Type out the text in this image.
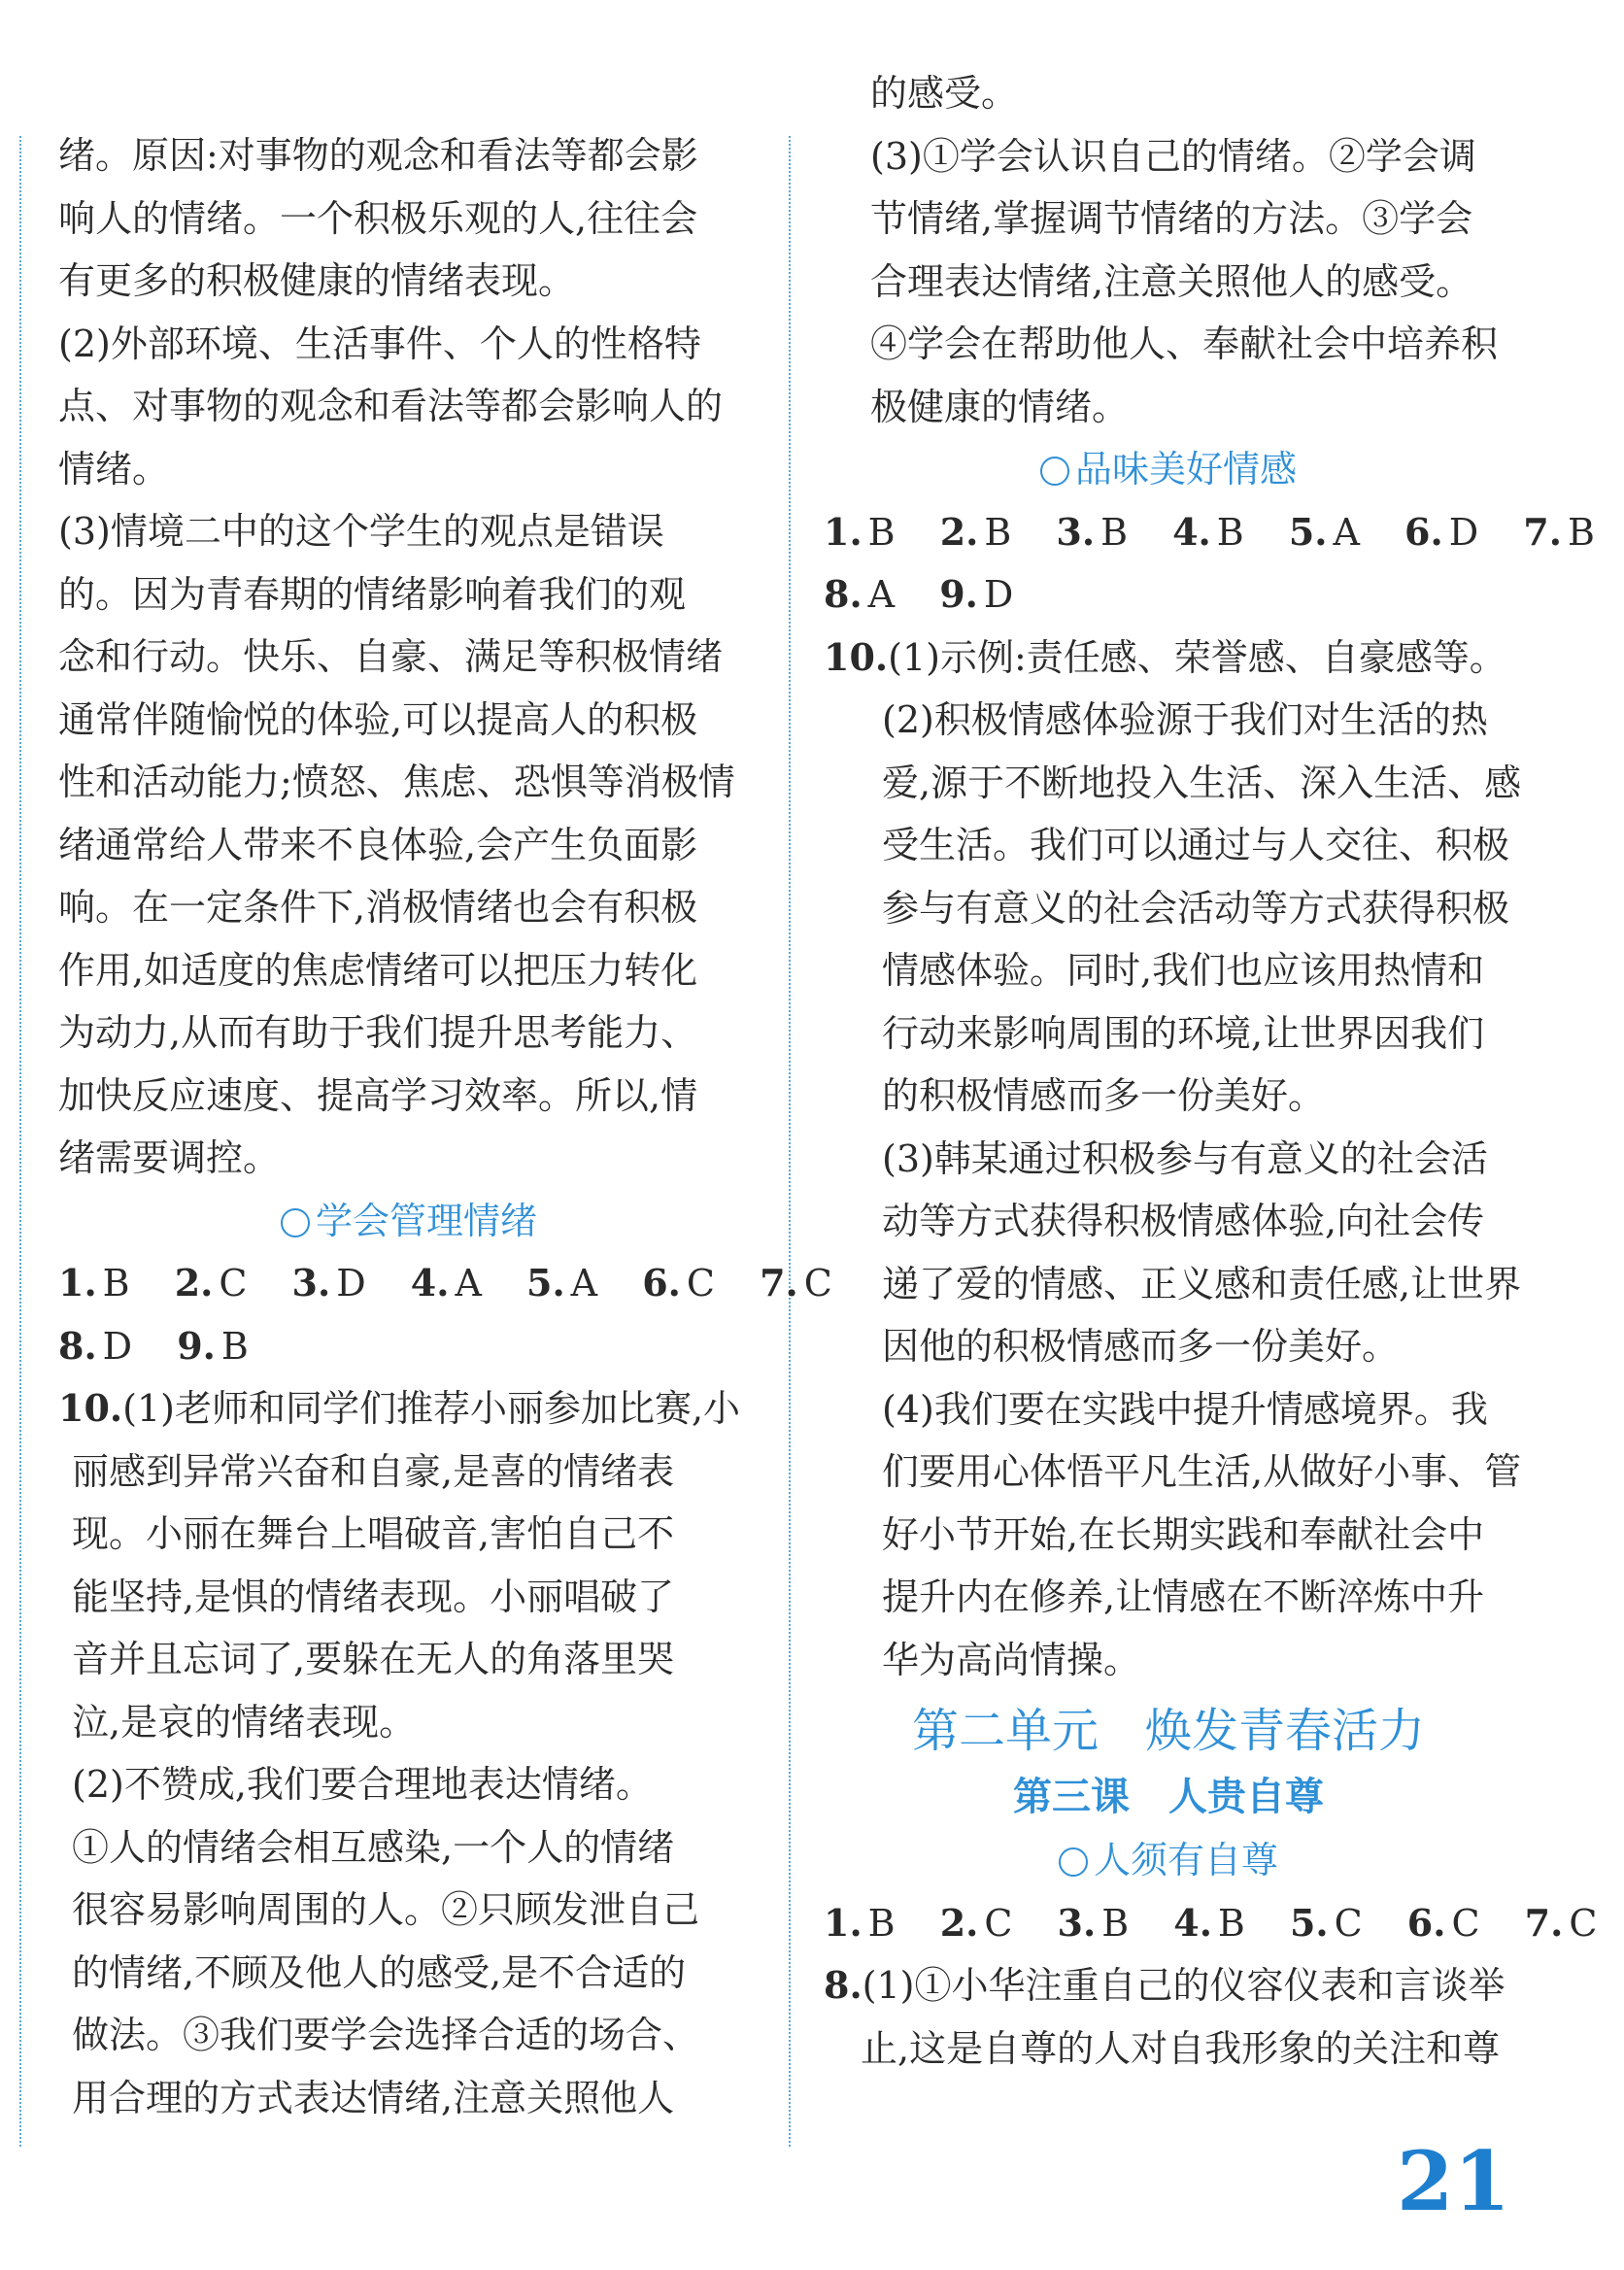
绪。原因:对事物的观念和看法等都会影

响人的情绪。一个积极乐观的人,往往会

有更多的积极健康的情绪表现。

(2)外部环境、生活事件、个人的性格特

点、对事物的观念和看法等都会影响人的

情绪。

(3)情境二中的这个学生的观点是错误

的。因为青春期的情绪影响着我们的观

念和行动。快乐、自豪、满足等积极情绪

通常伴随愉悦的体验,可以提高人的积极

性和活动能力;愤怒、焦虑、恐惧等消极情

绪通常给人带来不良体验,会产生负面影

响。在一定条件下,消极情绪也会有积极

作用,如适度的焦虑情绪可以把压力转化

为动力,从而有助于我们提升思考能力、

加快反应速度、提高学习效率。所以,情

绪需要调控。

学会管理情绪

1. B 2. C 3. D 4. A 5. A 6. C 7. C

8. D 9. B

10.(1)老师和同学们推荐小丽参加比赛,小

丽感到异常兴奋和自豪,是喜的情绪表

现。小丽在舞台上唱破音,害怕自己不

能坚持,是惧的情绪表现。小丽唱破了

音并且忘词了,要躲在无人的角落里哭

泣,是哀的情绪表现。

(2)不赞成,我们要合理地表达情绪。

①人的情绪会相互感染,一个人的情绪

很容易影响周围的人。②只顾发泄自己

的情绪,不顾及他人的感受,是不合适的

做法。③我们要学会选择合适的场合、

用合理的方式表达情绪,注意关照他人

的感受。

(3)①学会认识自己的情绪。②学会调

节情绪,掌握调节情绪的方法。③学会

合理表达情绪,注意关照他人的感受。

④学会在帮助他人、奉献社会中培养积

极健康的情绪。

品味美好情感

1. B 2. B 3. B 4. B 5. A 6. D 7. B

8. A 9. D

10.(1)示例:责任感、荣誉感、自豪感等。

(2)积极情感体验源于我们对生活的热

爱,源于不断地投入生活、深入生活、感

受生活。我们可以通过与人交往、积极

参与有意义的社会活动等方式获得积极

情感体验。同时,我们也应该用热情和

行动来影响周围的环境,让世界因我们

的积极情感而多一份美好。

(3)韩某通过积极参与有意义的社会活

动等方式获得积极情感体验,向社会传

递了爱的情感、正义感和责任感,让世界

因他的积极情感而多一份美好。

(4)我们要在实践中提升情感境界。我

们要用心体悟平凡生活,从做好小事、管

好小节开始,在长期实践和奉献社会中

提升内在修养,让情感在不断淬炼中升

华为高尚情操。

第二单元　焕发青春活力

第三课　人贵自尊

人须有自尊

1. B 2. C 3. B 4. B 5. C 6. C 7. C

8.(1)①小华注重自己的仪容仪表和言谈举

止,这是自尊的人对自我形象的关注和尊

21
